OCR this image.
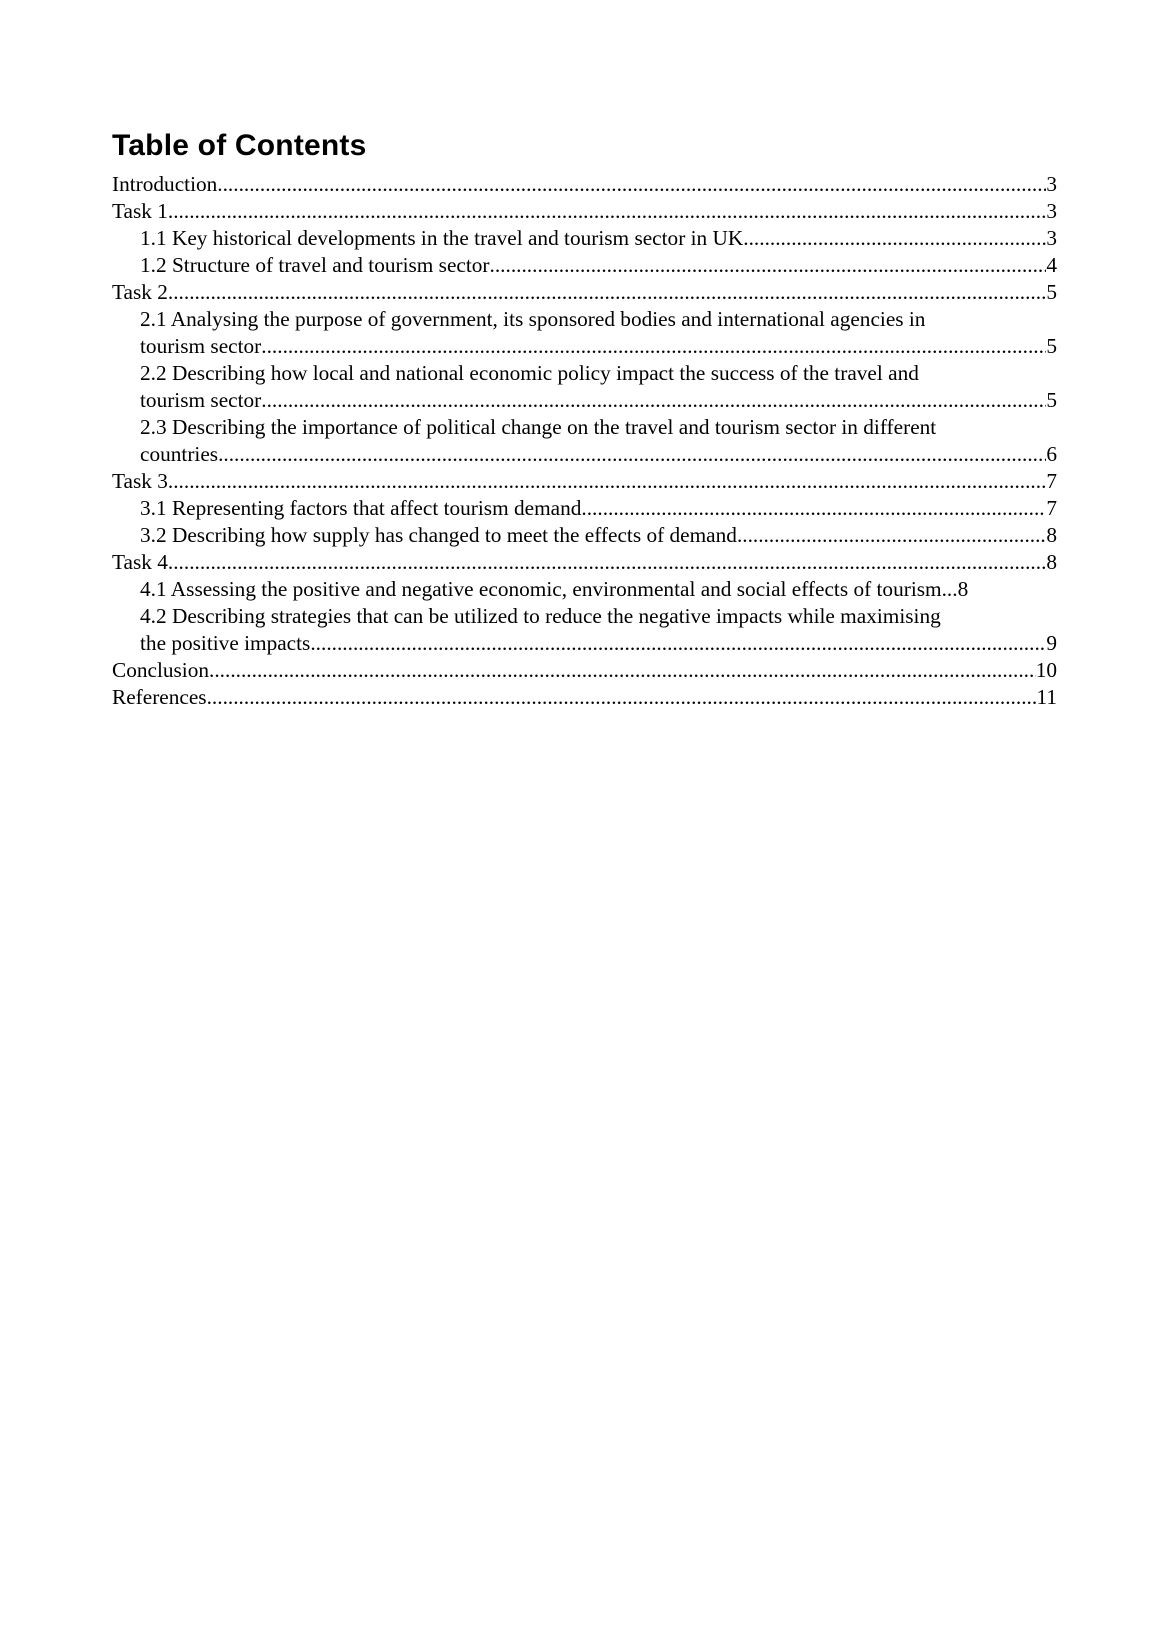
Table of Contents
Introduction .....	3
Task 1 .....	3
1.1 Key historical developments in the travel and tourism sector in UK .....	3
1.2 Structure of travel and tourism sector .....	4
Task 2 .....	5
2.1 Analysing the purpose of government, its sponsored bodies and international agencies in
tourism sector .....	5
2.2 Describing how local and national economic policy impact the success of the travel and
tourism sector .....	5
2.3 Describing the importance of political change on the travel and tourism sector in different
countries .....	6
Task 3 .....	7
3.1 Representing factors that affect tourism demand .....	7
3.2 Describing how supply has changed to meet the effects of demand .....	8
Task 4 .....	8
4.1 Assessing the positive and negative economic, environmental and social effects of tourism... 8
4.2 Describing strategies that can be utilized to reduce the negative impacts while maximising
the positive impacts .....	9
Conclusion .....	10
References .....	11
